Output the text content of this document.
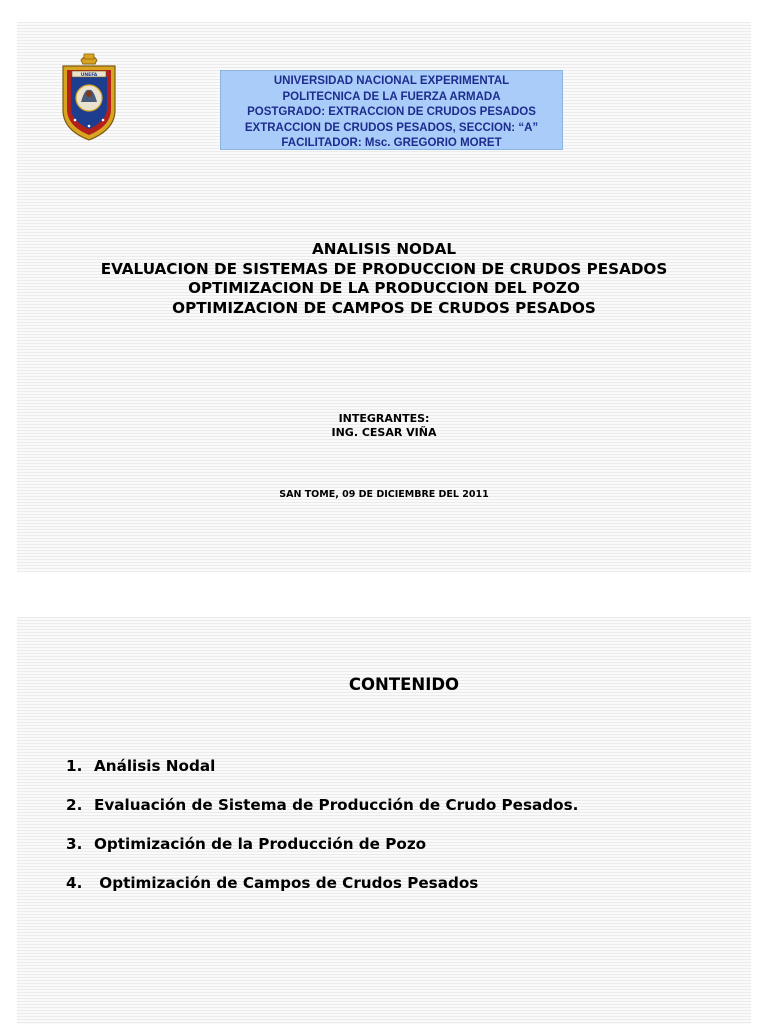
UNEFA	UNIVERSIDAD NACIONAL EXPERIMENTAL
POLITECNICA DE LA FUERZA ARMADA
POSTGRADO: EXTRACCION DE CRUDOS PESADOS
EXTRACCION DE CRUDOS PESADOS, SECCION: “A”
FACILITADOR: Msc. GREGORIO MORET
ANALISIS NODAL
EVALUACION DE SISTEMAS DE PRODUCCION DE CRUDOS PESADOS
OPTIMIZACION DE LA PRODUCCION DEL POZO
OPTIMIZACION DE CAMPOS DE CRUDOS PESADOS
INTEGRANTES:
ING. CESAR VIÑA
SAN TOME, 09 DE DICIEMBRE DEL 2011
CONTENIDO
1. Análisis Nodal
2. Evaluación de Sistema de Producción de Crudo Pesados.
3. Optimización de la Producción de Pozo
4. Optimización de Campos de Crudos Pesados
